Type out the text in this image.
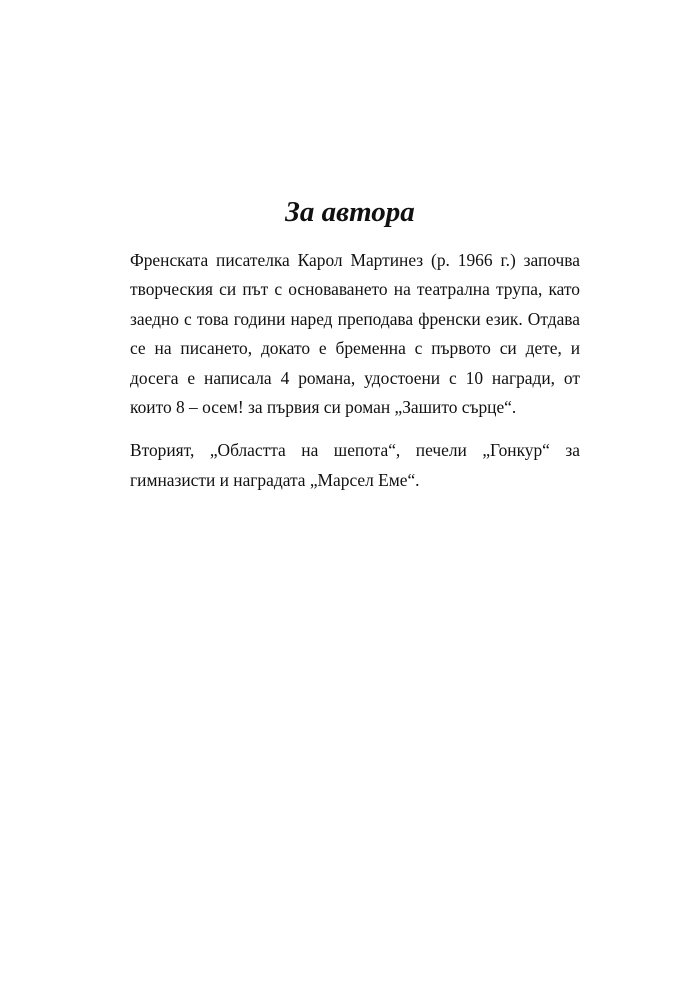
За автора

Френската писателка Карол Мартинез (р. 1966 г.) започва творческия си път с основаването на театрална трупа, като заедно с това години наред преподава френски език. Отдава се на писането, докато е бременна с първото си дете, и досега е написала 4 романа, удостоени с 10 награди, от които 8 – осем! за първия си роман „Зашито сърце“.

Вторият, „Областта на шепота“, печели „Гонкур“ за гимназисти и наградата „Марсел Еме“.
